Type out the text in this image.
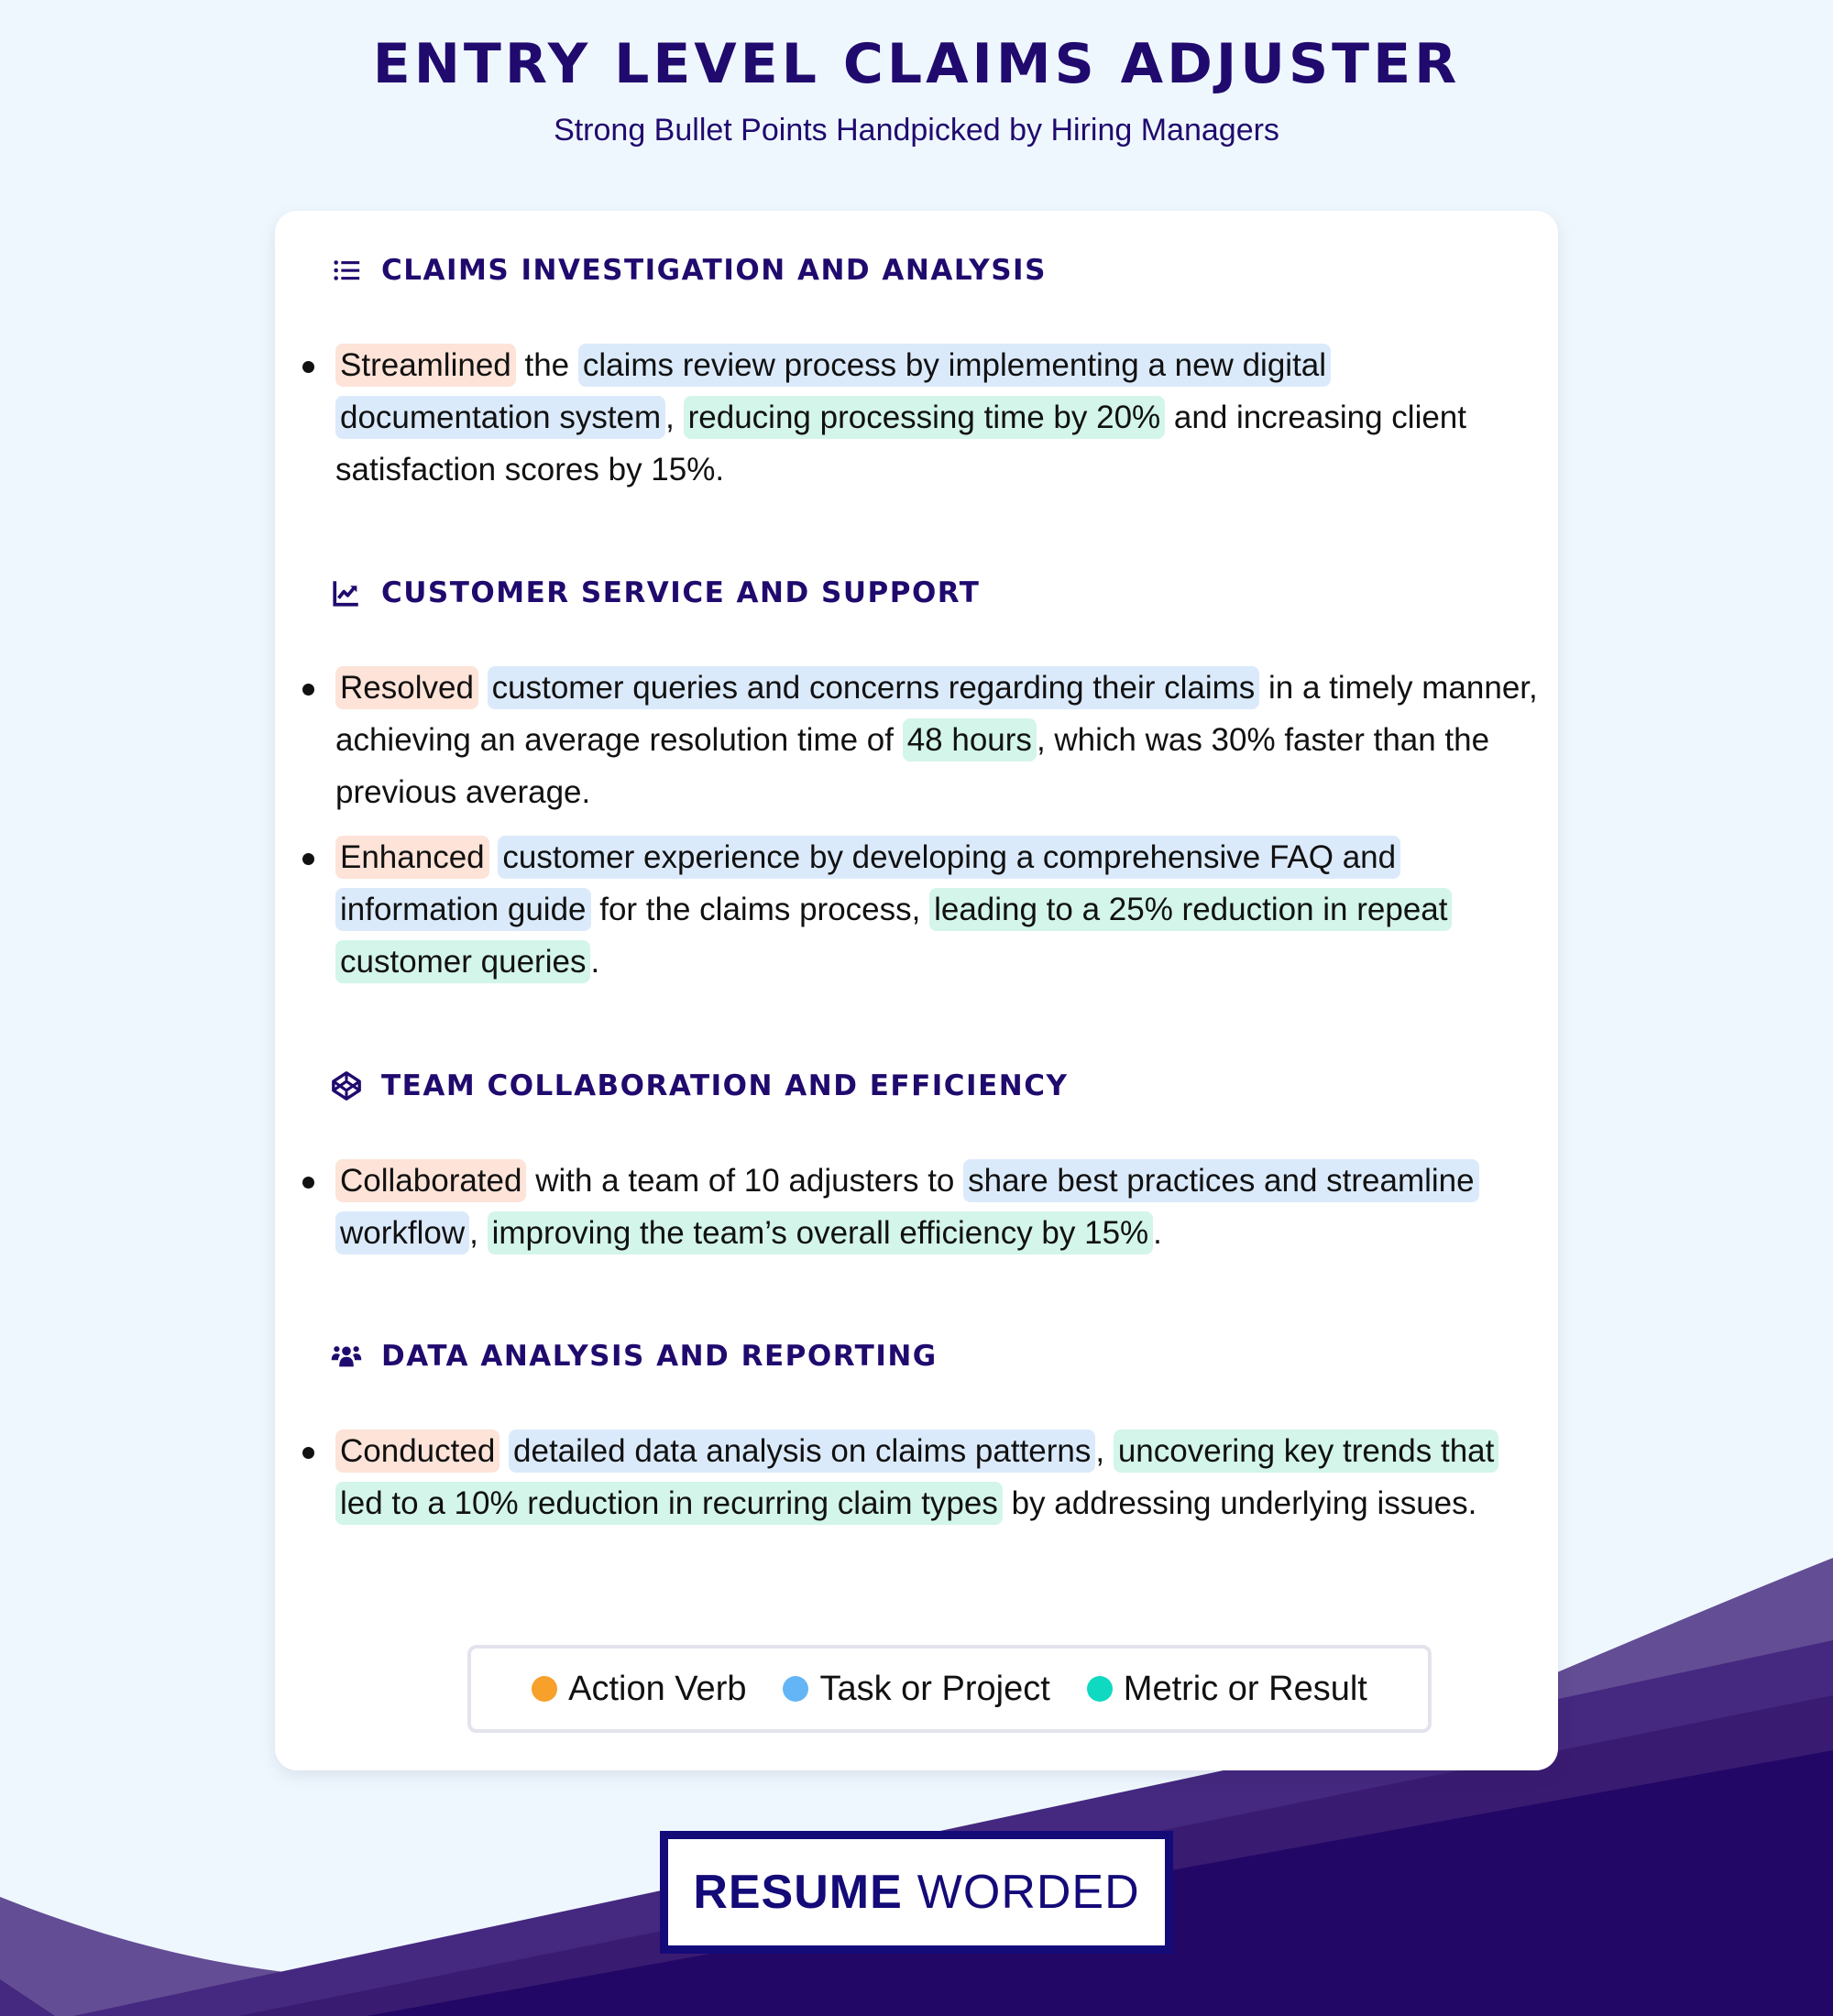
ENTRY LEVEL CLAIMS ADJUSTER
Strong Bullet Points Handpicked by Hiring Managers
CLAIMS INVESTIGATION AND ANALYSIS
Streamlined the claims review process by implementing a new digital documentation system , reducing processing time by 20% and increasing client satisfaction scores by 15%.
CUSTOMER SERVICE AND SUPPORT
Resolved customer queries and concerns regarding their claims in a timely manner, achieving an average resolution time of 48 hours , which was 30% faster than the previous average.
Enhanced customer experience by developing a comprehensive FAQ and information guide for the claims process, leading to a 25% reduction in repeat customer queries .
TEAM COLLABORATION AND EFFICIENCY
Collaborated with a team of 10 adjusters to share best practices and streamline workflow , improving the team’s overall efficiency by 15% .
DATA ANALYSIS AND REPORTING
Conducted detailed data analysis on claims patterns , uncovering key trends that led to a 10% reduction in recurring claim types by addressing underlying issues.
Action Verb Task or Project Metric or Result
RESUME WORDED
